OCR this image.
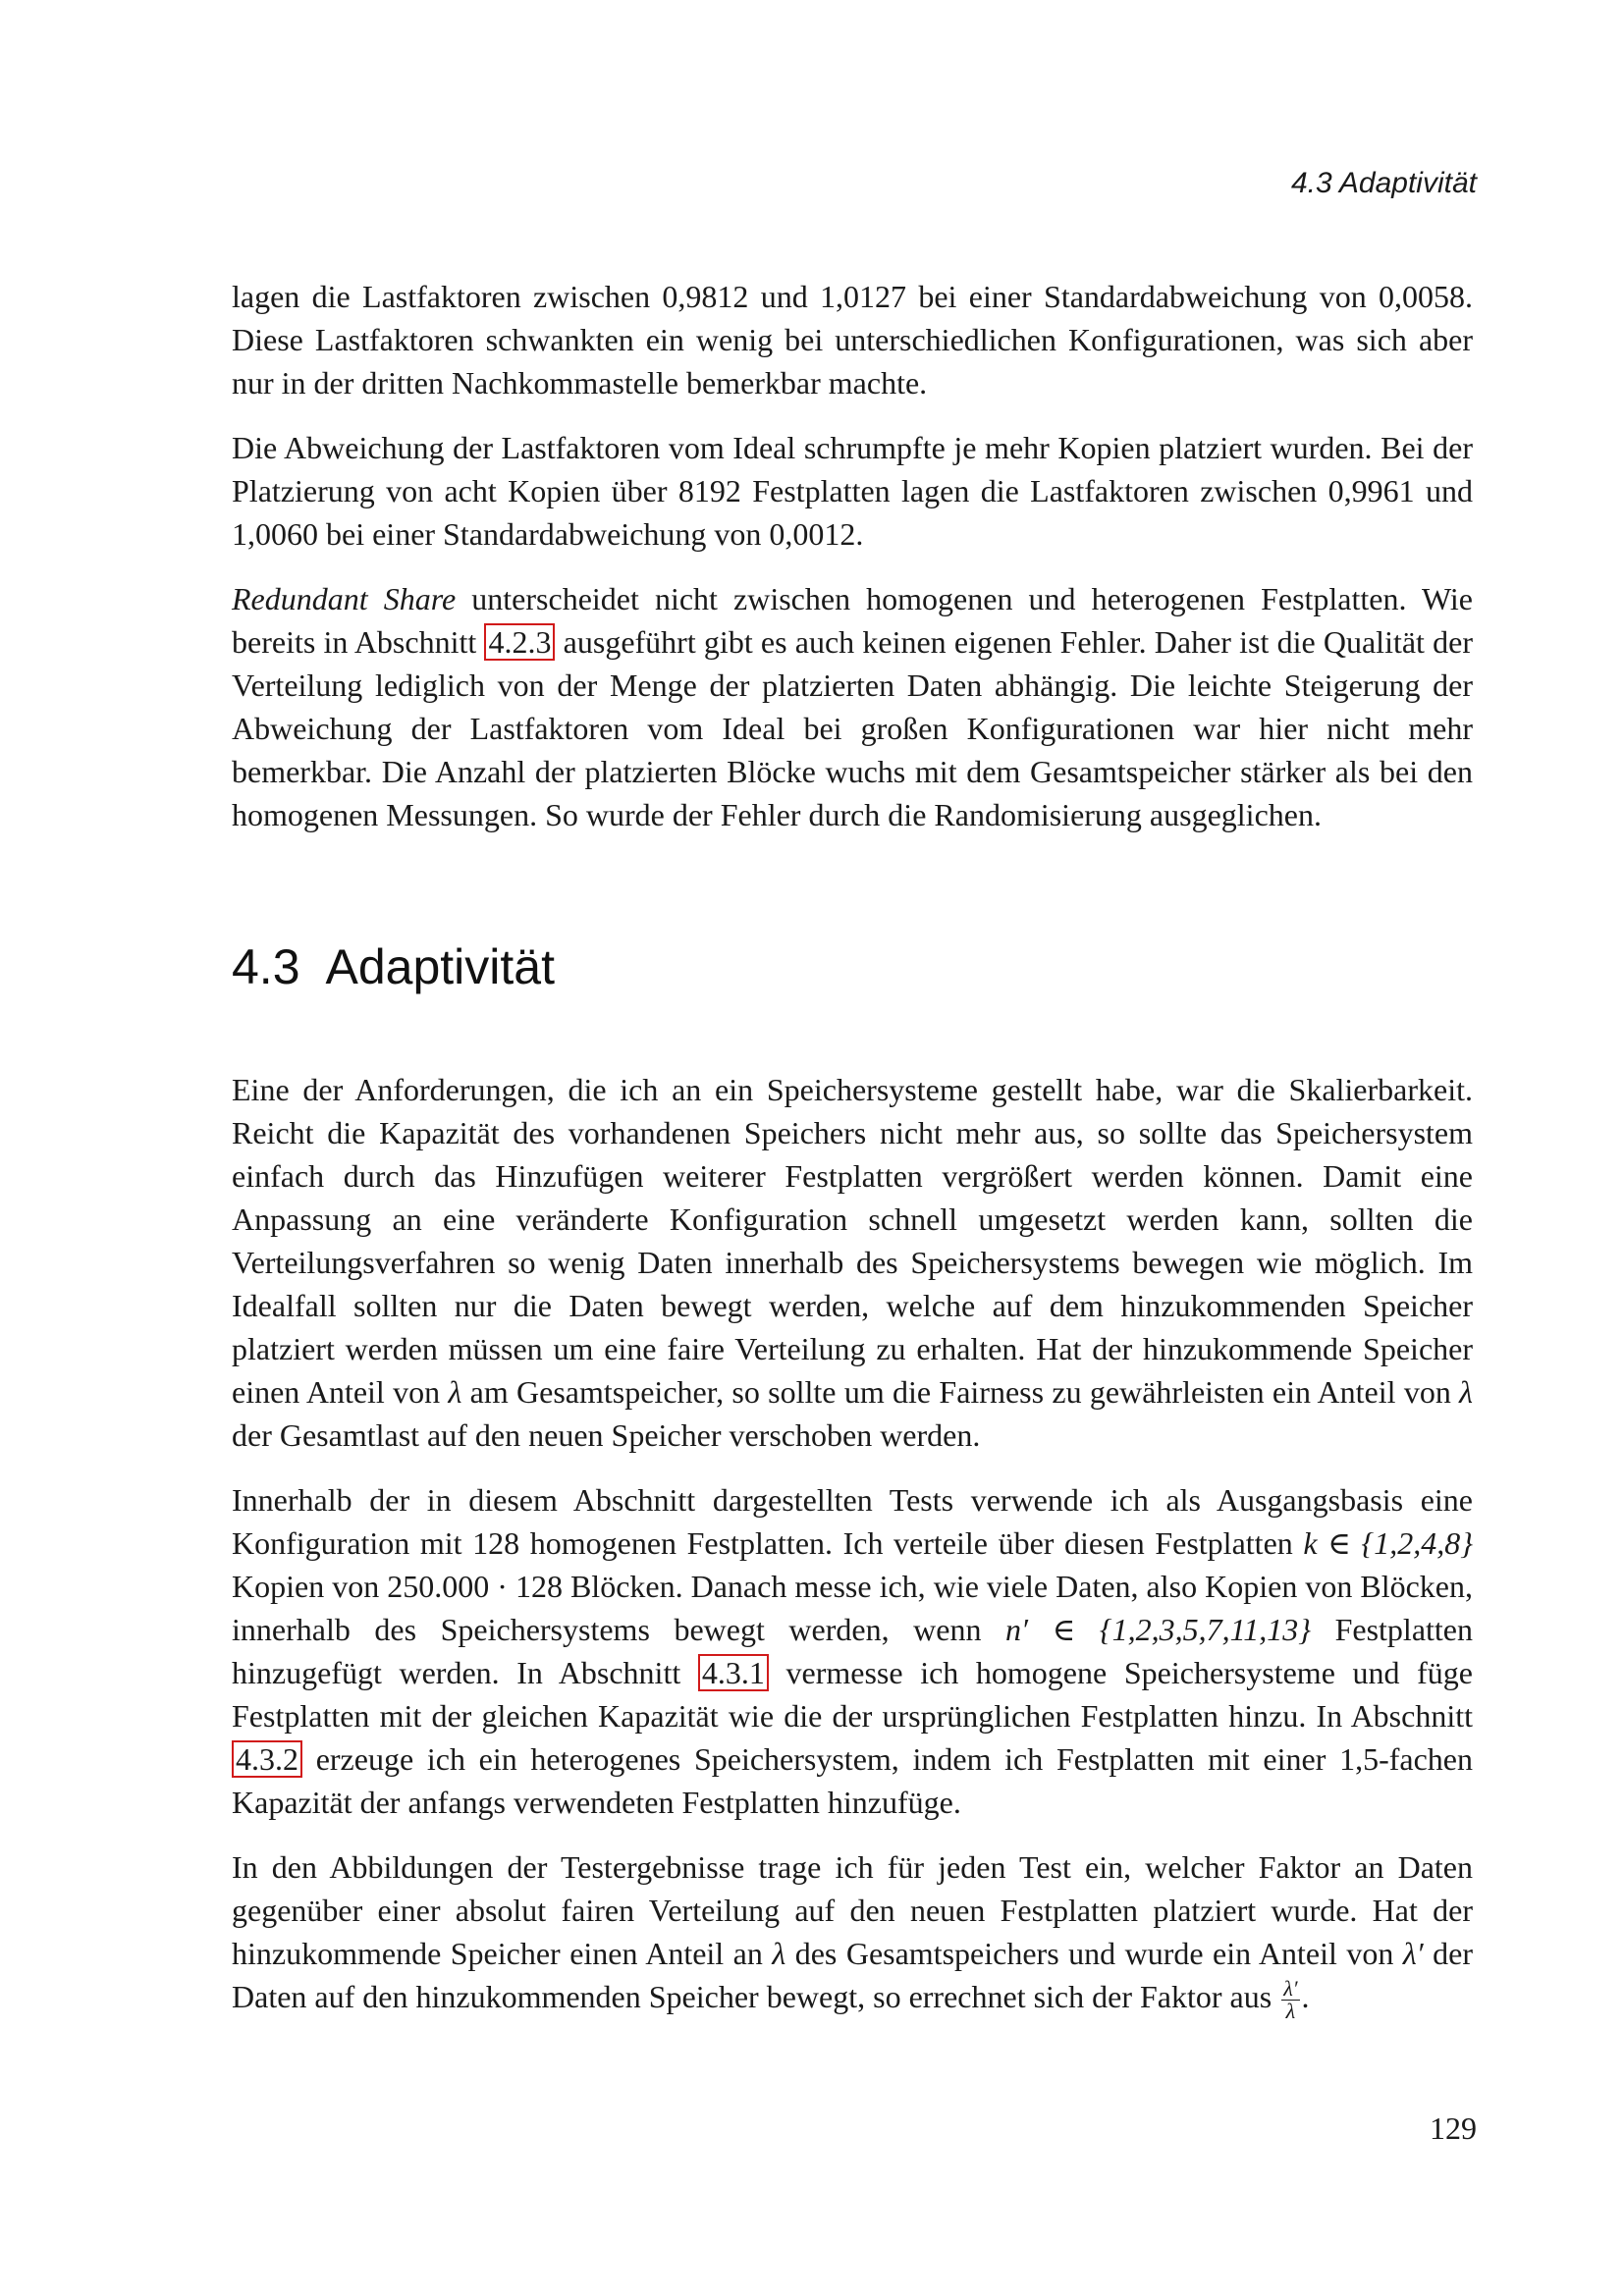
4.3 Adaptivität

lagen die Lastfaktoren zwischen 0,9812 und 1,0127 bei einer Standardabweichung von 0,0058. Diese Lastfaktoren schwankten ein wenig bei unterschiedlichen Konfigurationen, was sich aber nur in der dritten Nachkommastelle bemerkbar machte.

Die Abweichung der Lastfaktoren vom Ideal schrumpfte je mehr Kopien platziert wurden. Bei der Platzierung von acht Kopien über 8192 Festplatten lagen die Lastfaktoren zwischen 0,9961 und 1,0060 bei einer Standardabweichung von 0,0012.

Redundant Share unterscheidet nicht zwischen homogenen und heterogenen Festplatten. Wie bereits in Abschnitt 4.2.3 ausgeführt gibt es auch keinen eigenen Fehler. Daher ist die Qualität der Verteilung lediglich von der Menge der platzierten Daten abhängig. Die leichte Steigerung der Abweichung der Lastfaktoren vom Ideal bei großen Konfigurationen war hier nicht mehr bemerkbar. Die Anzahl der platzierten Blöcke wuchs mit dem Gesamtspeicher stärker als bei den homogenen Messungen. So wurde der Fehler durch die Randomisierung ausgeglichen.

4.3 Adaptivität

Eine der Anforderungen, die ich an ein Speichersysteme gestellt habe, war die Skalierbarkeit. Reicht die Kapazität des vorhandenen Speichers nicht mehr aus, so sollte das Speichersystem einfach durch das Hinzufügen weiterer Festplatten vergrößert werden können. Damit eine Anpassung an eine veränderte Konfiguration schnell umgesetzt werden kann, sollten die Verteilungsverfahren so wenig Daten innerhalb des Speichersystems bewegen wie möglich. Im Idealfall sollten nur die Daten bewegt werden, welche auf dem hinzukommenden Speicher platziert werden müssen um eine faire Verteilung zu erhalten. Hat der hinzukommende Speicher einen Anteil von λ am Gesamtspeicher, so sollte um die Fairness zu gewährleisten ein Anteil von λ der Gesamtlast auf den neuen Speicher verschoben werden.

Innerhalb der in diesem Abschnitt dargestellten Tests verwende ich als Ausgangsbasis eine Konfiguration mit 128 homogenen Festplatten. Ich verteile über diesen Festplatten k ∈ {1,2,4,8} Kopien von 250.000 · 128 Blöcken. Danach messe ich, wie viele Daten, also Kopien von Blöcken, innerhalb des Speichersystems bewegt werden, wenn n′ ∈ {1,2,3,5,7,11,13} Festplatten hinzugefügt werden. In Abschnitt 4.3.1 vermesse ich homogene Speichersysteme und füge Festplatten mit der gleichen Kapazität wie die der ursprünglichen Festplatten hinzu. In Abschnitt 4.3.2 erzeuge ich ein heterogenes Speichersystem, indem ich Festplatten mit einer 1,5-fachen Kapazität der anfangs verwendeten Festplatten hinzufüge.

In den Abbildungen der Testergebnisse trage ich für jeden Test ein, welcher Faktor an Daten gegenüber einer absolut fairen Verteilung auf den neuen Festplatten platziert wurde. Hat der hinzukommende Speicher einen Anteil an λ des Gesamtspeichers und wurde ein Anteil von λ′ der Daten auf den hinzukommenden Speicher bewegt, so errechnet sich der Faktor aus $\frac{\lambda'}{\lambda}$ .

129
